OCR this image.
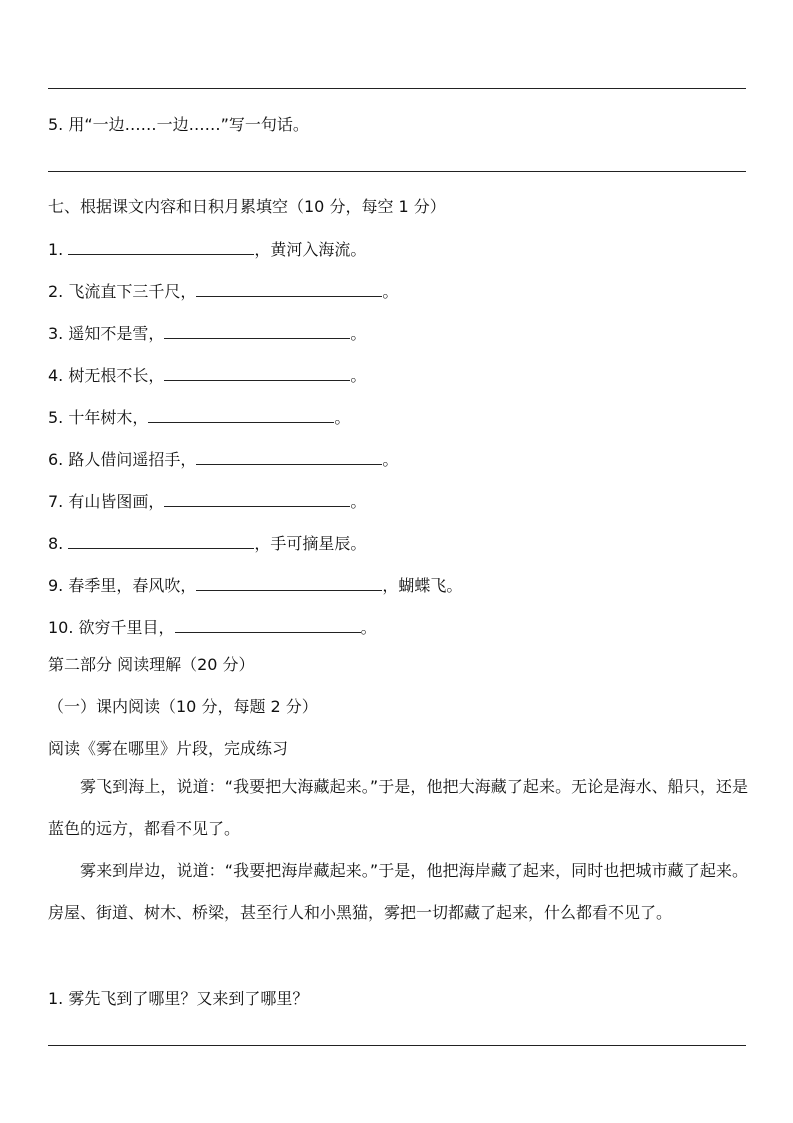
5. 用“一边……一边……”写一句话。
七、根据课文内容和日积月累填空（10 分，每空 1 分）
1.	，黄河入海流。
2. 飞流直下三千尺，	。
3. 遥知不是雪，	。
4. 树无根不长，	。
5. 十年树木，	。
6. 路人借问遥招手，	。
7. 有山皆图画，	。
8.	，手可摘星辰。
9. 春季里，春风吹，	，蝴蝶飞。
10. 欲穷千里目，	。
第二部分 阅读理解（20 分）
（一）课内阅读（10 分，每题 2 分）
阅读《雾在哪里》片段，完成练习

雾飞到海上，说道：“我要把大海藏起来。”于是，他把大海藏了起来。无论是海水、船只，还是蓝色的远方，都看不见了。

雾来到岸边，说道：“我要把海岸藏起来。”于是，他把海岸藏了起来，同时也把城市藏了起来。房屋、街道、树木、桥梁，甚至行人和小黑猫，雾把一切都藏了起来，什么都看不见了。

1. 雾先飞到了哪里？又来到了哪里？
